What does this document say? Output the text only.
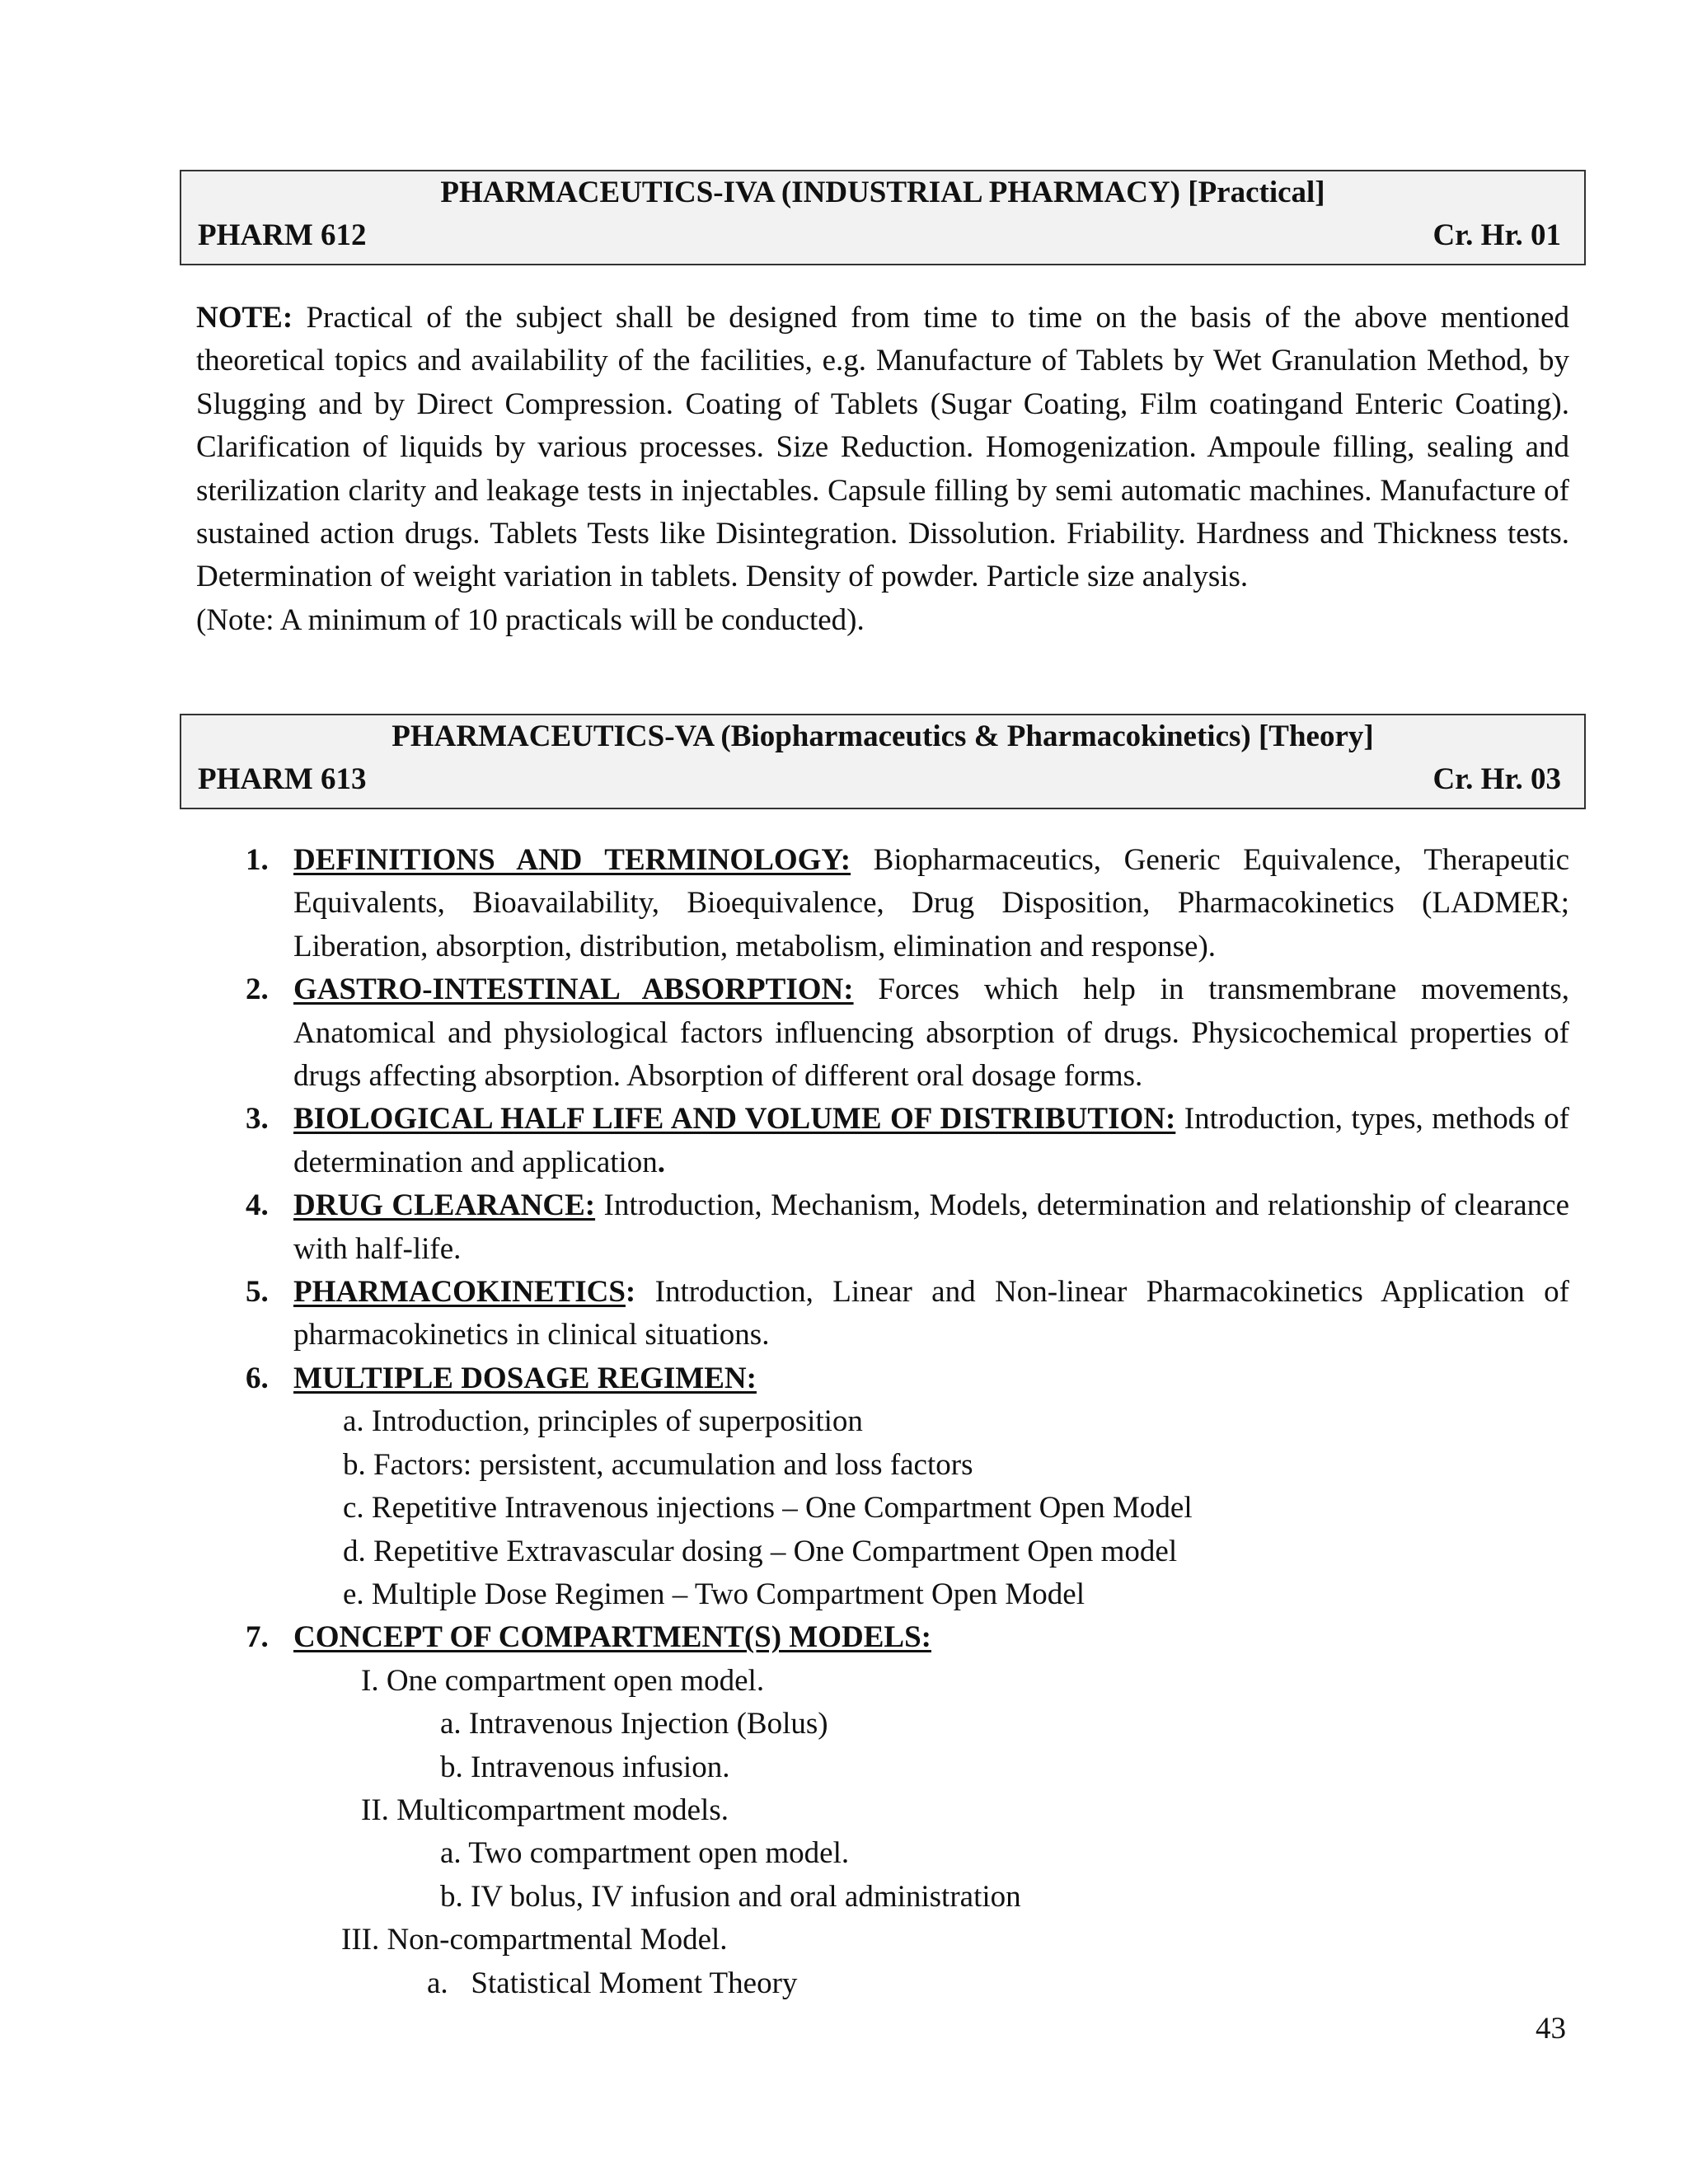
PHARMACEUTICS-IVA (INDUSTRIAL PHARMACY) [Practical]
PHARM 612	Cr. Hr. 01
NOTE: Practical of the subject shall be designed from time to time on the basis of the above mentioned theoretical topics and availability of the facilities, e.g. Manufacture of Tablets by Wet Granulation Method, by Slugging and by Direct Compression. Coating of Tablets (Sugar Coating, Film coatingand Enteric Coating). Clarification of liquids by various processes. Size Reduction. Homogenization. Ampoule filling, sealing and sterilization clarity and leakage tests in injectables. Capsule filling by semi automatic machines. Manufacture of sustained action drugs. Tablets Tests like Disintegration. Dissolution. Friability. Hardness and Thickness tests. Determination of weight variation in tablets. Density of powder. Particle size analysis.
(Note: A minimum of 10 practicals will be conducted).
PHARMACEUTICS-VA (Biopharmaceutics & Pharmacokinetics) [Theory]
PHARM 613	Cr. Hr. 03
1. DEFINITIONS AND TERMINOLOGY: Biopharmaceutics, Generic Equivalence, Therapeutic Equivalents, Bioavailability, Bioequivalence, Drug Disposition, Pharmacokinetics (LADMER; Liberation, absorption, distribution, metabolism, elimination and response).
2. GASTRO-INTESTINAL ABSORPTION: Forces which help in transmembrane movements, Anatomical and physiological factors influencing absorption of drugs. Physicochemical properties of drugs affecting absorption. Absorption of different oral dosage forms.
3. BIOLOGICAL HALF LIFE AND VOLUME OF DISTRIBUTION: Introduction, types, methods of determination and application.
4. DRUG CLEARANCE: Introduction, Mechanism, Models, determination and relationship of clearance with half-life.
5. PHARMACOKINETICS: Introduction, Linear and Non-linear Pharmacokinetics Application of pharmacokinetics in clinical situations.
6. MULTIPLE DOSAGE REGIMEN:
a. Introduction, principles of superposition
b. Factors: persistent, accumulation and loss factors
c. Repetitive Intravenous injections – One Compartment Open Model
d. Repetitive Extravascular dosing – One Compartment Open model
e. Multiple Dose Regimen – Two Compartment Open Model
7. CONCEPT OF COMPARTMENT(S) MODELS:
I. One compartment open model.
a. Intravenous Injection (Bolus)
b. Intravenous infusion.
II. Multicompartment models.
a. Two compartment open model.
b. IV bolus, IV infusion and oral administration
III. Non-compartmental Model.
a.   Statistical Moment Theory
43
